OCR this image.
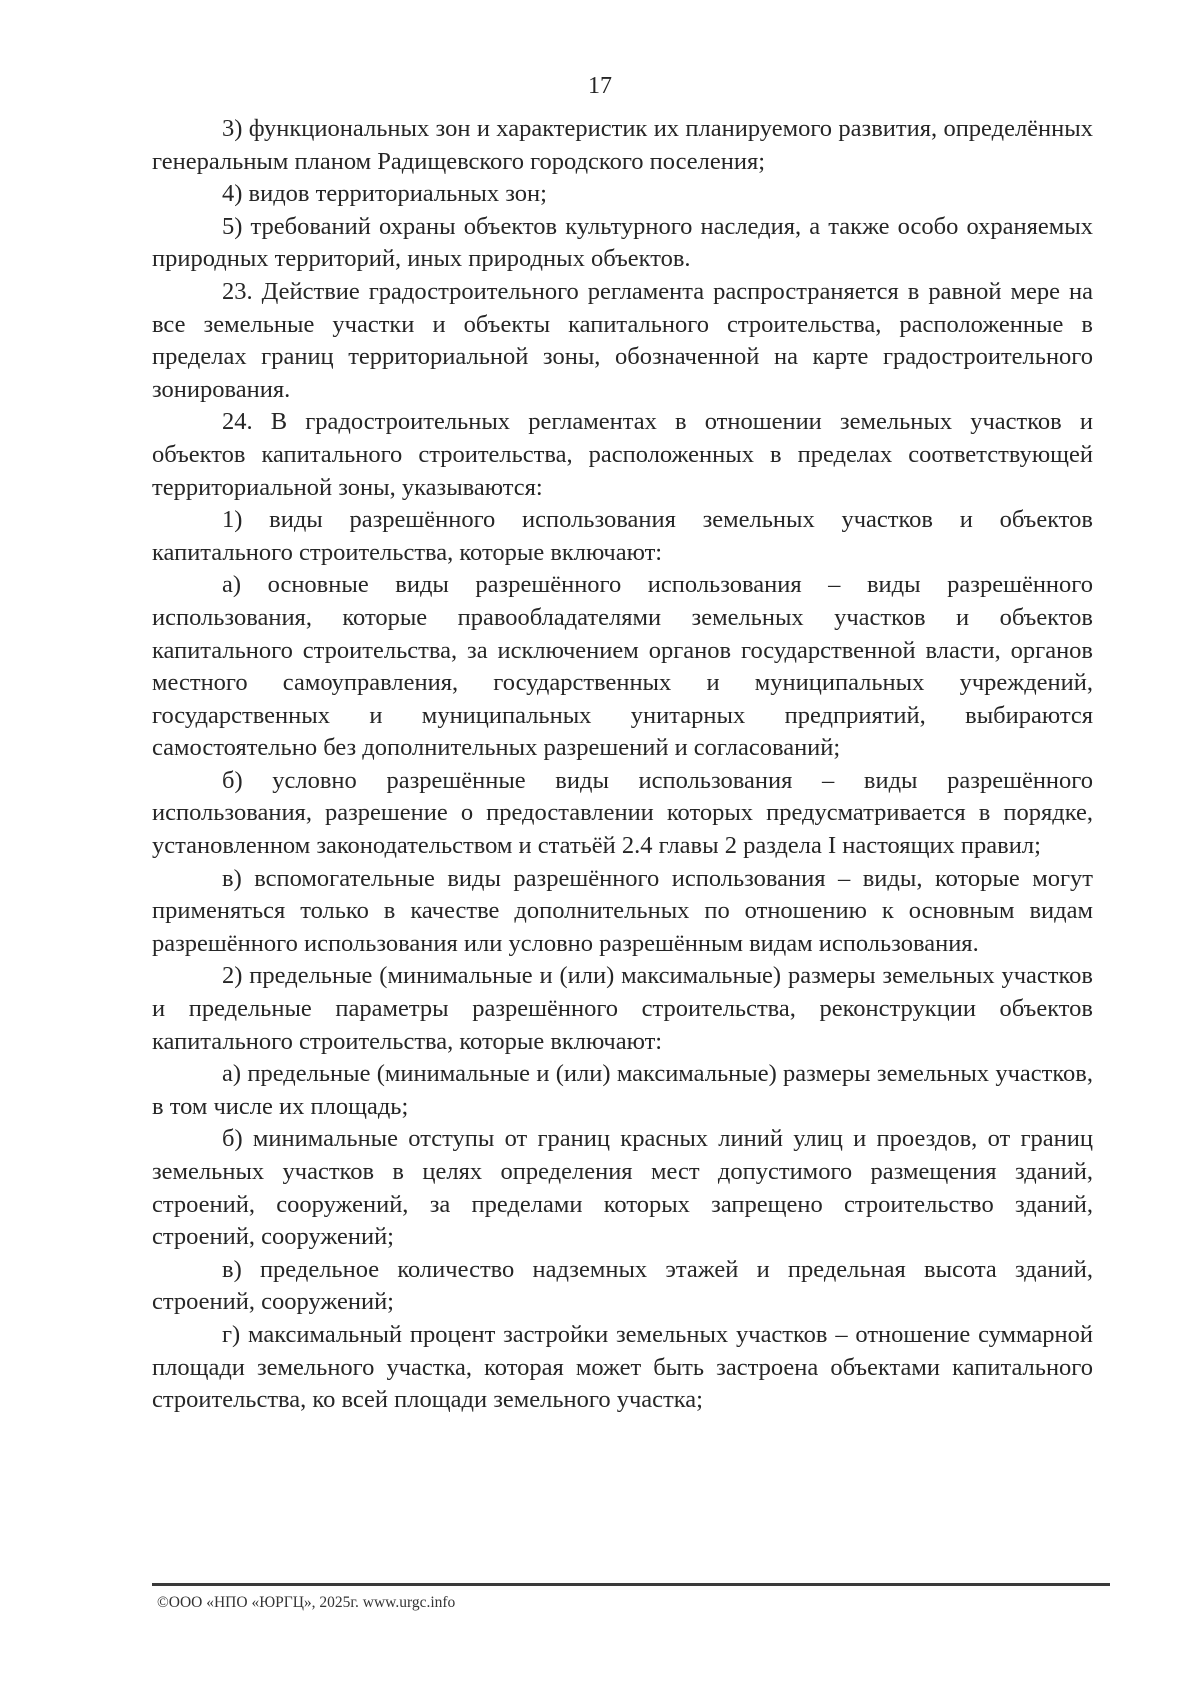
17

3) функциональных зон и характеристик их планируемого развития, определённых генеральным планом Радищевского городского поселения;

4) видов территориальных зон;

5) требований охраны объектов культурного наследия, а также особо охраняемых природных территорий, иных природных объектов.

23. Действие градостроительного регламента распространяется в равной мере на все земельные участки и объекты капитального строительства, расположенные в пределах границ территориальной зоны, обозначенной на карте градостроительного зонирования.

24. В градостроительных регламентах в отношении земельных участков и объектов капитального строительства, расположенных в пределах соответствующей территориальной зоны, указываются:

1) виды разрешённого использования земельных участков и объектов капитального строительства, которые включают:

а) основные виды разрешённого использования – виды разрешённого использования, которые правообладателями земельных участков и объектов капитального строительства, за исключением органов государственной власти, органов местного самоуправления, государственных и муниципальных учреждений, государственных и муниципальных унитарных предприятий, выбираются самостоятельно без дополнительных разрешений и согласований;

б) условно разрешённые виды использования – виды разрешённого использования, разрешение о предоставлении которых предусматривается в порядке, установленном законодательством и статьёй 2.4 главы 2 раздела I настоящих правил;

в) вспомогательные виды разрешённого использования – виды, которые могут применяться только в качестве дополнительных по отношению к основным видам разрешённого использования или условно разрешённым видам использования.

2) предельные (минимальные и (или) максимальные) размеры земельных участков и предельные параметры разрешённого строительства, реконструкции объектов капитального строительства, которые включают:

а) предельные (минимальные и (или) максимальные) размеры земельных участков, в том числе их площадь;

б) минимальные отступы от границ красных линий улиц и проездов, от границ земельных участков в целях определения мест допустимого размещения зданий, строений, сооружений, за пределами которых запрещено строительство зданий, строений, сооружений;

в) предельное количество надземных этажей и предельная высота зданий, строений, сооружений;

г) максимальный процент застройки земельных участков – отношение суммарной площади земельного участка, которая может быть застроена объектами капитального строительства, ко всей площади земельного участка;

©ООО «НПО «ЮРГЦ», 2025г. www.urgc.info
